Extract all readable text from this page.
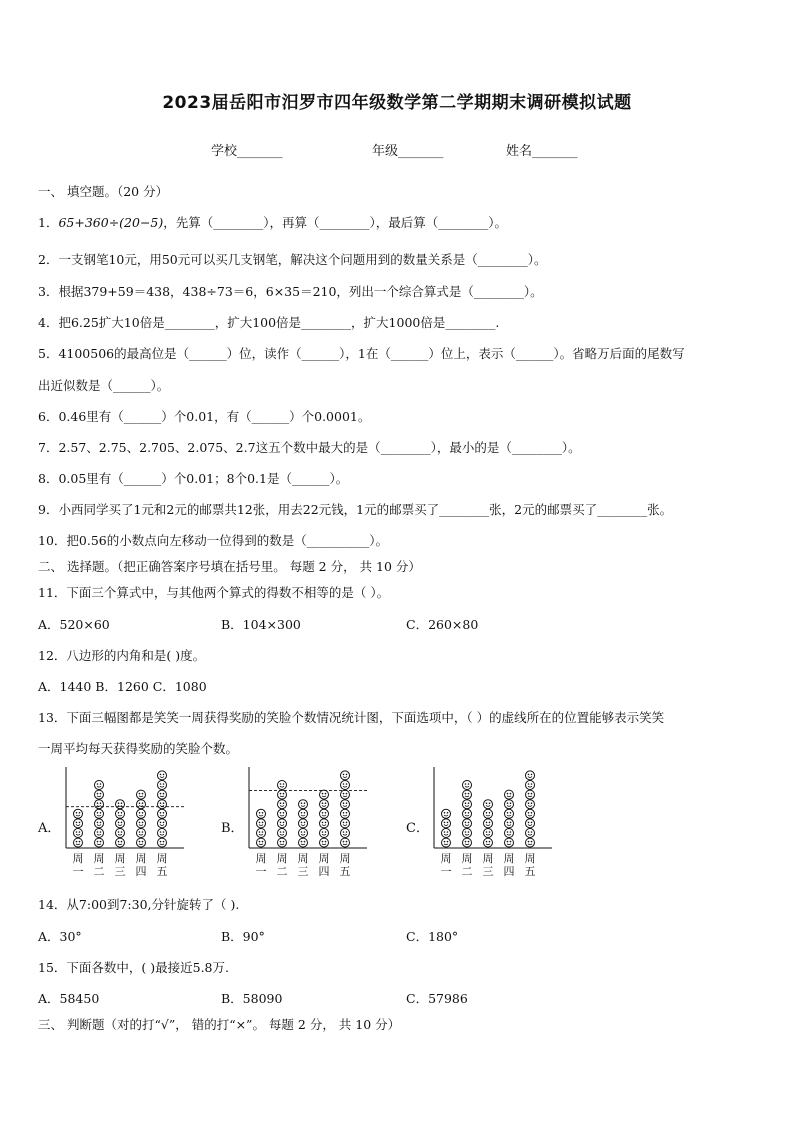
2023届岳阳市汨罗市四年级数学第二学期期末调研模拟试题
学校_______	年级_______	姓名_______
一、 填空题。（20 分）
1．65+360÷(20−5)，先算（________），再算（________），最后算（________）。
2．一支钢笔10元，用50元可以买几支钢笔，解决这个问题用到的数量关系是（________）。
3．根据379+59＝438，438÷73＝6，6×35＝210，列出一个综合算式是（________）。
4．把6.25扩大10倍是________，扩大100倍是________，扩大1000倍是________.
5．4100506的最高位是（______）位，读作（______），1在（______）位上，表示（______）。省略万后面的尾数写
出近似数是（______）。
6．0.46里有（______）个0.01，有（______）个0.0001。
7．2.57、2.75、2.705、2.075、2.7这五个数中最大的是（________），最小的是（________）。
8．0.05里有（______）个0.01；8个0.1是（______）。
9．小西同学买了1元和2元的邮票共12张，用去22元钱，1元的邮票买了________张，2元的邮票买了________张。
10．把0.56的小数点向左移动一位得到的数是（__________）。
二、 选择题。（把正确答案序号填在括号里。 每题 2 分， 共 10 分）
11．下面三个算式中，与其他两个算式的得数不相等的是（ ）。
A．520×60	B．104×300	C．260×80
12．八边形的内角和是( )度。
A．1440 B．1260 C．1080
13．下面三幅图都是笑笑一周获得奖励的笑脸个数情况统计图，下面选项中，（ ）的虚线所在的位置能够表示笑笑
一周平均每天获得奖励的笑脸个数。
A．
周
一
周
二
周
三
周
四
周
五
B．
周
一
周
二
周
三
周
四
周
五
C．
周
一
周
二
周
三
周
四
周
五
14．从7:00到7:30,分针旋转了（ ).
A．30°	B．90°	C．180°
15．下面各数中，( )最接近5.8万.
A．58450	B．58090	C．57986
三、 判断题（对的打“√”， 错的打“×”。 每题 2 分， 共 10 分）
